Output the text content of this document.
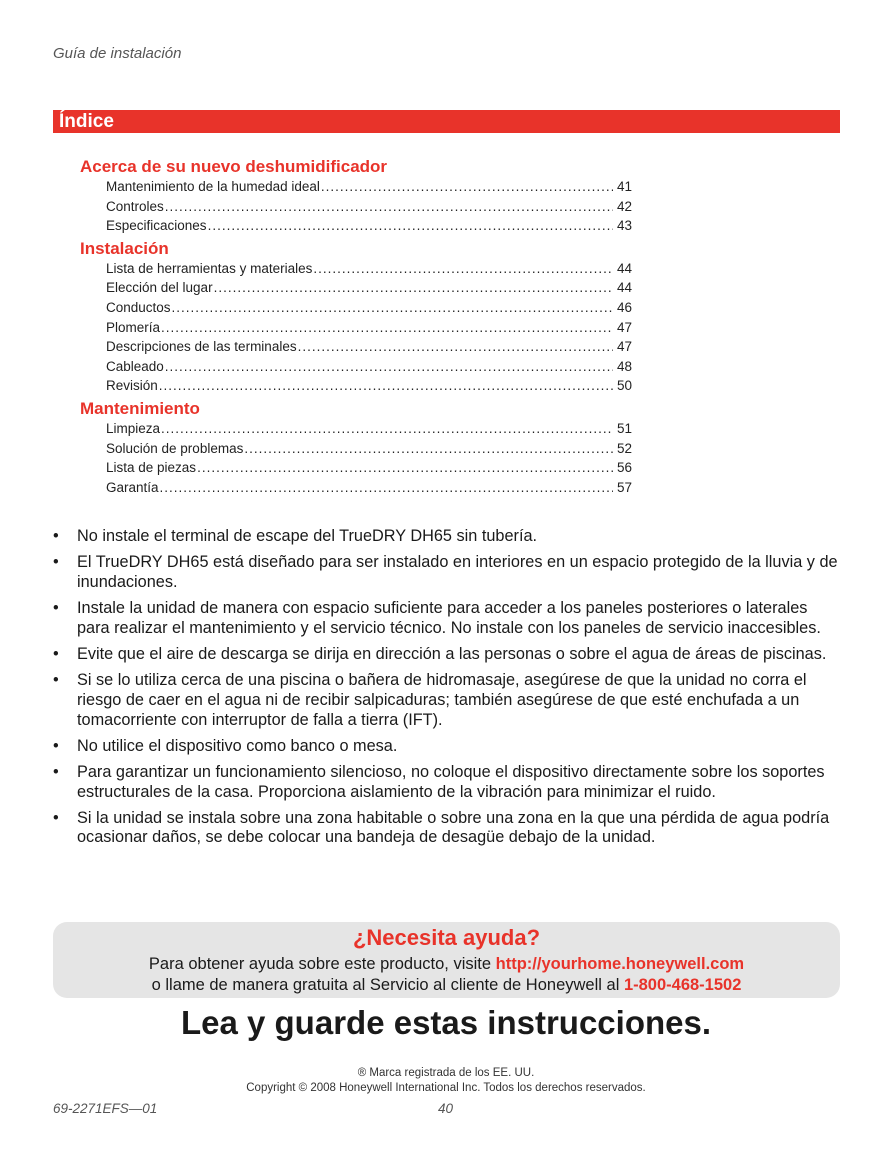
Guía de instalación
Índice
Acerca de su nuevo deshumidificador
Mantenimiento de la humedad ideal .....	41
Controles .....	42
Especificaciones .....	43
Instalación
Lista de herramientas y materiales .....	44
Elección del lugar .....	44
Conductos .....	46
Plomería .....	47
Descripciones de las terminales .....	47
Cableado .....	48
Revisión .....	50
Mantenimiento
Limpieza .....	51
Solución de problemas .....	52
Lista de piezas .....	56
Garantía .....	57
• No instale el terminal de escape del TrueDRY DH65 sin tubería.
• El TrueDRY DH65 está diseñado para ser instalado en interiores en un espacio protegido de la lluvia y de inundaciones.
• Instale la unidad de manera con espacio suficiente para acceder a los paneles posteriores o laterales para realizar el mantenimiento y el servicio técnico. No instale con los paneles de servicio inaccesibles.
• Evite que el aire de descarga se dirija en dirección a las personas o sobre el agua de áreas de piscinas.
• Si se lo utiliza cerca de una piscina o bañera de hidromasaje, asegúrese de que la unidad no corra el riesgo de caer en el agua ni de recibir salpicaduras; también asegúrese de que esté enchufada a un tomacorriente con interruptor de falla a tierra (IFT).
• No utilice el dispositivo como banco o mesa.
• Para garantizar un funcionamiento silencioso, no coloque el dispositivo directamente sobre los soportes estructurales de la casa. Proporciona aislamiento de la vibración para minimizar el ruido.
• Si la unidad se instala sobre una zona habitable o sobre una zona en la que una pérdida de agua podría ocasionar daños, se debe colocar una bandeja de desagüe debajo de la unidad.
¿Necesita ayuda?
Para obtener ayuda sobre este producto, visite http://yourhome.honeywell.com
o llame de manera gratuita al Servicio al cliente de Honeywell al 1-800-468-1502
Lea y guarde estas instrucciones.
® Marca registrada de los EE. UU.
Copyright © 2008 Honeywell International Inc. Todos los derechos reservados.
69-2271EFS—01	40
